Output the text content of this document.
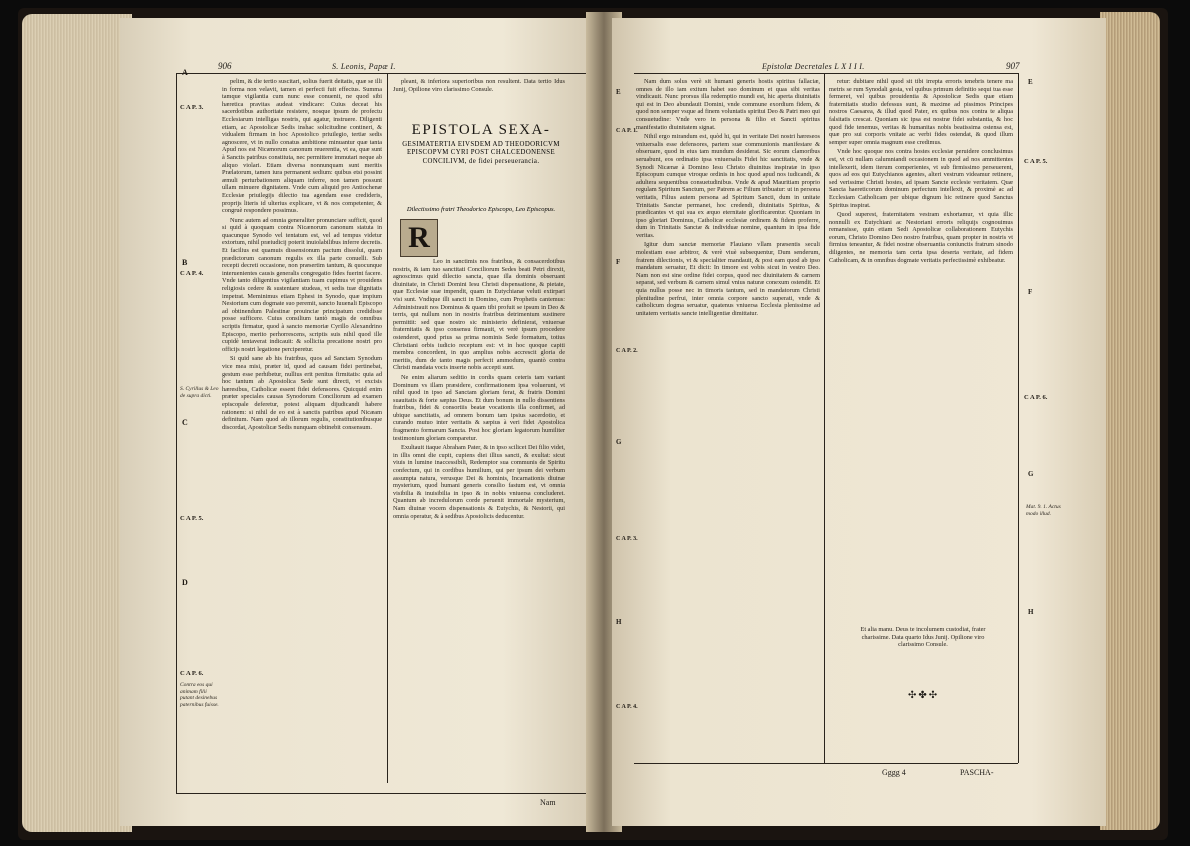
906	S. Leonis, Papæ I.
A
C A P. 3.
B
C A P. 4.
S. Cyrillus & Leo de supra dicti.
C
C A P. 5.
D
C A P. 6.
Contra eos qui animam filii putant desinebus paternibus fuisse.

pelim, & die tertio suscitari, solius fuerit deitatis, quæ se illi in forma non velavit, tamen ei perfecti fuit effectus. Summa tamque vigilantia cum nunc esse conuenit, ne quod sibi hæretica pravitas audeat vindicare: Cuius deceat his sacerdotibus authoritate resistere, nosque ipsum de profectu Ecclesiarum intelligas nostris, qui agatur, instruere. Diligenti etiam, ac Apostolicæ Sedis inshac solicitudine contineri, & vidualem firmam in hoc Apostolico priuilegio, tertiæ sedis agnoscere, vt in nullo conatus ambitione minuantur quæ tanta Apud nos est Nicænorum canonum reuerentia, vt ea, quæ sunt à Sanctis patribus constituta, nec permittere immutari neque ab aliquo violari. Etiam diversa nonnunquam sunt meritis Prælatorum, tamen iura permanent sedium: quibus etsi possint æmuli perturbationem aliquam inferre, non tamen possunt ullam minuere dignitatem. Vnde cum aliquid pro Antiochenæ Ecclesiæ priuilegijs dilectio tua agendam esse credideris, proprijs literis id ulterius explicare, vt & nos competenter, & congruè respondere possimus.

Nunc autem ad omnia generaliter pronunciare sufficit, quod si quid à quoquam contra Nicænorum canonum statuta in quacunque Synodo vel tentatum est, vel ad tempus videtur extortum, nihil præiudicij poterit inuiolabilibus inferre decretis. Et facilius est quamuis dissensionum pactum dissolui, quam prædictorum canonum regulis ex illa parte conuelli. Sub recepti decreti occasione, non præsertim tantum, & quocunque interuenientes causis generalis congregatio fides fuerint facere. Vnde tanto diligentius vigilantiam tuam cupimus vt prouidens religiosis cedere & sustentare studeas, vt sedis tuæ dignitatis impetrat. Meminimus etiam Ephesi in Synodo, quæ impium Nestorium cum dogmate suo peremit, sancto Iuuenali Episcopo ad obtinendum Palestinæ prouinciæ principatum credidisse posse sufficere. Cuius consilium tantò magis de omnibus scriptis firmatur, quod à sancto memoriæ Cyrillo Alexandrino Episcopo, merito perhorrescens, scriptis suis nihil quod ille cupidè tentaverat indicauit: & sollicita precatione nostri pro officijs nostri legatione perciperetur.

Si quid sane ab his fratribus, quos ad Sanctam Synodum vice mea misi, præter id, quod ad causam fidei pertinebat, gestum esse perhibetur, nullius erit penitus firmitatis: quia ad hoc tantum ab Apostolica Sede sunt directi, vt excisis hæresibus, Catholicæ essent fidei defensores. Quicquid enim præter speciales causas Synodorum Conciliorum ad examen episcopale deferetur, potest aliquam dijudicandi habere rationem: si nihil de eo est à sanctis patribus apud Nicæam definitum. Nam quod ab illorum regulis, constitutionibusque discordat, Apostolicæ Sedis nunquam obtinebit consensum.

pleant, & inferiora superioribus non resultent. Data tertio Idus Junij, Opilione viro clarissimo Consule.

Leo in sanctimis nos fratribus, & consacerdotibus nostris, & iam tuo sanctitati Conciliorum Sedes beati Petri direxit, agnoscimus quid dilectio sancta, quae illa dominis obseruant diuinitate, in Christi Domini Iesu Christi dispensatione, & pietate, quæ Ecclesiæ suæ impendit, quam in Eutychianæ veluti extirpari visi sunt. Vndique illi sancti in Domino, cum Prophetis cantemus: Administrauit nos Dominus & quam tibi profuit se ipsum in Deo & terris, qui nullum non in nostris fratribus detrimentum sustinere permittit: sed quæ nostro sic ministerio definierat, vniuersæ fraternitatis & ipso consensu firmauit, vt verè ipsum procedere ostenderet, quod prius sa prima nominis Sede formatum, totius Christiani orbis iudicio receptum est: vt in hoc quoque capiti membra concordent, in quo amplius nobis accrescit gloria de meritis, dum de tanto magis perfecit ammodum, quantò contra Christi mandata vocis inserte nobis accepti sunt.

Ne enim aliarum seditio in cordis quam ceteris tam variant Dominum vs illam præsidere, confirmationem ipsa voluerunt, vt nihil quod in ipso ad Sanctam gloriam ferat, & fratris Domini suauitatis & forte sæpius Deus. Et dum bonum in nullo dissentiens fratribus, fidei & consortiis beatæ vocationis illa confirmet, ad ubique sanctitatis, ad omnem bonum tam ipsius sacerdotio, et curando mutuo inter veritatis & sæpius à veri fidei Apostolica fragmento formarum Sancta. Post hoc gloriam legatorum humiliter testimonium gloriam comparetur.

Exultauit itaque Abraham Pater, & in ipso scilicet Dei filio videt, in illis omni die cupit, cupiens diei illius sancti, & exultat: sicut viuis in lumine inaccessibili, Redemptor sua communis de Spiritu confectum, qui in cordibus humilium, qui per ipsum dei verbum assumpta natura, verusque Dei & hominis, Incarnationis diuinæ mysterium, quod humani generis consilio fastum est, vt omnia visibilia & inuisibilia in ipso & in nobis vniuersa concluderet. Quantum ab incredulorum corde peruenit immortale mysterium, Nam diuinæ vocem dispensationis & Eutychis, & Nestorii, qui omnia operatur, & à sedibus Apostolicis deducentur.

Nam
EPISTOLA SEXA-
GESIMATERTIA EIVSDEM AD THEODORICVM EPISCOPVM CYRI POST CHALCEDONENSE CONCILIVM, de fidei perseuerancia.
Dilectissimo fratri Theodorico Episcopo, Leo Episcopus.
R
Epistolæ Decretales L X I I I.	907
E
C A P. 1.
F
C A P. 2.
G
C A P. 3.
H
C A P. 4.
Mat. 9. 1. Actus modo illud.
C A P. 5.
C A P. 6.
E
F
G
H

Nam dum solus verè sit humani generis hostis spiritus fallaciæ, omnes de illo iam exitum habet suo dominum et quas sibi veritas vindicauit. Nunc prorsus illa redemptio mundi est, hic aperta diuinitatis qui est in Deo abundauit Domini, vnde commune exordium fidem, & quod non semper vsque ad finem voluntatis spiritui Deo & Patri meo qui consuetudine: Vnde vero in persona & filio et Sancti spiritus manifestatio diuinitatem signat.

Nihil ergo mirandum est, quòd hi, qui in veritate Dei nostri hæreseos vniuersalis esse defensores, partem suæ communionis manifestare & obseruare, quod in eius tam mundum desiderat. Sic eorum clamoribus seruabunt, eos ordinatio ipsa vniuersalis Fidei hic sanctitatis, vnde & Synodi Nicænæ à Domino Iesu Christo diuinitus inspiratæ in ipso Episcopum cumque vtroque ordinis in hoc quod apud nos iudicandi, & adultera sequentibus consuetudinibus. Vnde & apud Mauritiam proprio regulam Spiritum Sanctum, per Patrem ac Filium tribuatur: ut in persona veritatis, Filius autem persona ad Spiritum Sancti, dum in unitate Trinitatis Sanctæ permanet, hoc credendi, diuinitatis Spiritus, & prædicantes vt qui sua ex æquo eternitate glorificarentur. Quoniam in ipso gloriari Dominus, Catholicæ ecclesiæ ordinem & fidem proferre, dum in Trinitatis Sanctæ & individuæ nomine, quantum in ipsa fide veritas.

Igitur dum sanctæ memoriæ Flauiano vllam præsentis seculi molestiam esse arbitror, & verè viuè subsequentur, Dum senderum, fratrem dilectionis, vt & specialiter mandauit, & post eam quod ab ipso mandatum seruatur, Et dicit: In timore est vobis sicut in vestro Deo. Nam non est sine ordine fidei corpus, quod nec diuinitatem & carnem separat, sed verbum & carnem simul vnius naturæ conexum ostendit. Et quia nullus posse nec in timoris tantum, sed in mandatorum Christi plenitudine perfrui, inter omnia corpore sancto superati, vnde & catholicum dogma seruatur, quatenus vniuersa Ecclesia plenissime ad unitatem veritatis sancte intelligentiæ dimittatur.

retur: dubitare nihil quod sit tibi irrepta erroris tenebris tenere ma metris se rum Synodali gesta, vel quibus primum definitio sequi tua esse fermeret, vel quibus prouidentia & Apostolicæ Sedis quæ etiam fraternitatis studio defessus sunt, & maxime ad pissimos Principes nostros Caesarea, & illud quod Pater, ex quibus nos contra te aliqua falsitatis crescat. Quoniam sic ipsa est nostræ fidei substantia, & hoc quod fide tenemus, veritas & humanitas nobis beatissima ostensa est, quæ pro sui corporis vnitate ac verbi fides ostendat, & quod illum semper super omnia magnum esse credimus.

Vnde hoc quoque nos contra hostes ecclesiæ peruidere conclusimus est, vt cū nullam calumniandi occasionem in quod ad nos ammittentes intellexerit, idem iterum comperientes, vt sub firmissimo perseuerent, quos ad eos qui Eutychianos agentes, alteri vestrum videamur retinere, sed verissime Christi hostes, ad ipsam Sancte ecclesie veritatem. Quæ Sancta haereticorum dominum perfectum intellexit, & proximè ac ad Ecclesiam Catholicam per ubique dignum hic retinere quod Sanctus Spiritus inspirat.

Quod superest, fraternitatem vestram exhortamur, vt quia illic nonnulli ex Eutychiani ac Nestoriani erroris reliquijs cognouimus remansisse, quin etiam Sedi Apostolicæ collaborationem Eutychis eorum, Christo Domino Deo nostro fratribus, quam propter in nostris vt firmius teneantur, & fidei nostræ obseruantia coniunctis fratrum sinodo diligentes, ne memoria tam certa ipsa deserta veritate, ad fidem Catholicam, & in omnibus dogmate veritatis perfectissimè exhibeatur.

Et alia manu. Deus te incolumem custodiat, frater charissime. Data quarto Idus Junij. Opilione viro clarissimo Consule.

✣✤✣
Gggg 4	PASCHA-
